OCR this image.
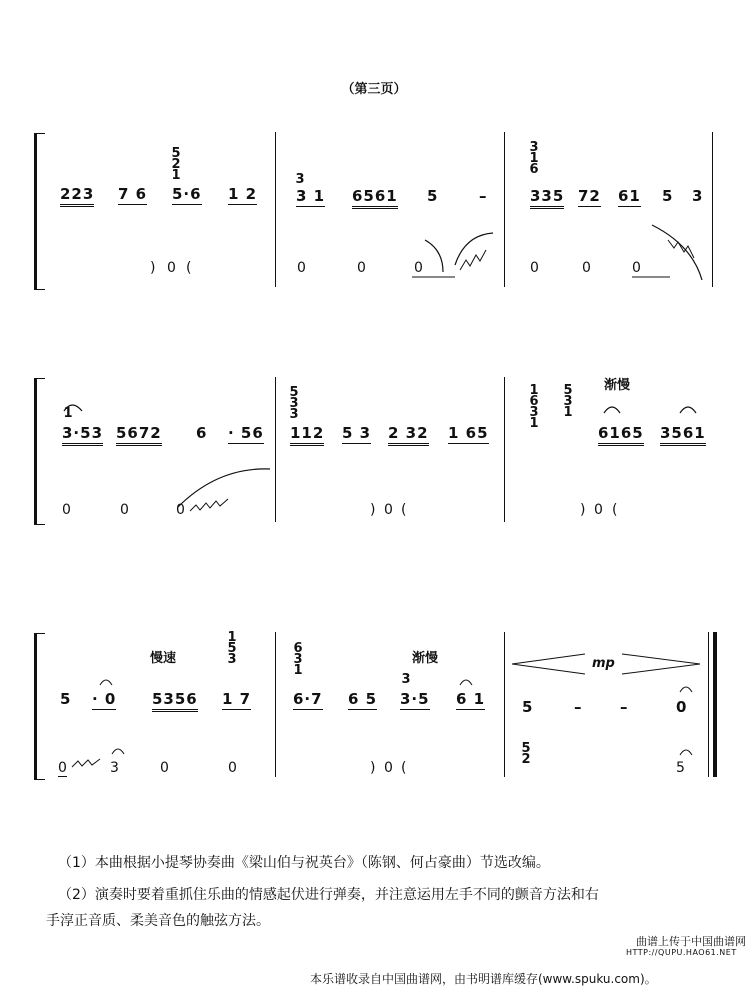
（第三页）
223 7 6
5
2
1
5·6 1 2
3
3 1 6561 5	–
3
1
6
335 72 61 5 3
) 0 (	0	0	0	0	0	0
1
3·53 5672 6 · 56
5
3
3
112 5 3 2 32 1 65
1
6
3
1
5
3
1
渐慢
6165 3561
0	0	0	) 0 (	) 0 (
慢速
1
5
3
5 · 0 5356 1 7
6
3
1
渐慢
3
6·7 6 5 3·5 6 1
mp
5	–	–	0
0	3	0	0	) 0 (
5
2
5
（1）本曲根据小提琴协奏曲《梁山伯与祝英台》（陈钢、何占豪曲）节选改编。
（2）演奏时要着重抓住乐曲的情感起伏进行弹奏，并注意运用左手不同的颤音方法和右
手淳正音质、柔美音色的触弦方法。
曲谱上传于中国曲谱网
HTTP://QUPU.HAO61.NET
本乐谱收录自中国曲谱网，由书明谱库缓存(www.spuku.com)。
